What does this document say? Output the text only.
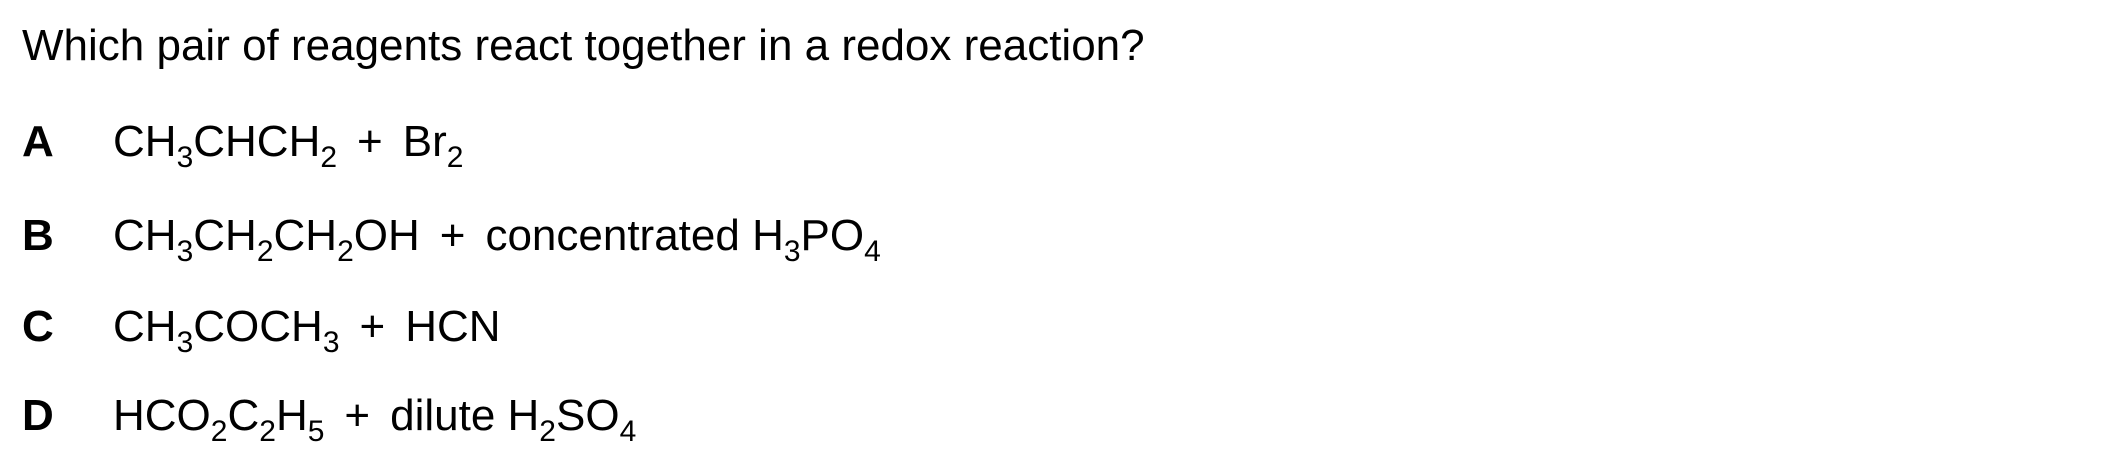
Which pair of reagents react together in a redox reaction?
A $CH_3CHCH_2 + Br_2$
B $CH_3CH_2CH_2OH$ + concentrated $H_3PO_4$
C $CH_3COCH_3$ + HCN
D $HCO_2C_2H_5$ + dilute $H_2SO_4$
